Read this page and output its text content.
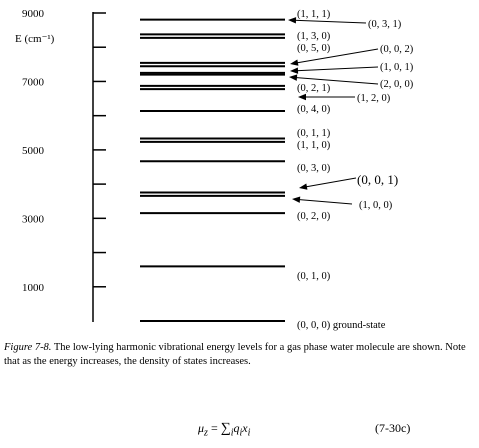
E (cm⁻¹)
9000
7000
5000
3000
1000
(0, 0, 0) ground-state
(0, 1, 0)
(0, 2, 0)
(1, 0, 0)
(0, 0, 1)
(0, 3, 0)
(1, 1, 0)
(0, 1, 1)
(0, 4, 0)
(1, 2, 0)
(0, 2, 1)	(2, 0, 0)
(1, 0, 1)
(0, 0, 2)
(0, 5, 0)
(1, 3, 0)
(0, 3, 1)
(1, 1, 1)
Figure 7-8. The low-lying harmonic vibrational energy levels for a gas phase water molecule are shown. Note that as the energy increases, the density of states increases.
$\mu_z = \sum_iq_ix_i$	(7-30c)
